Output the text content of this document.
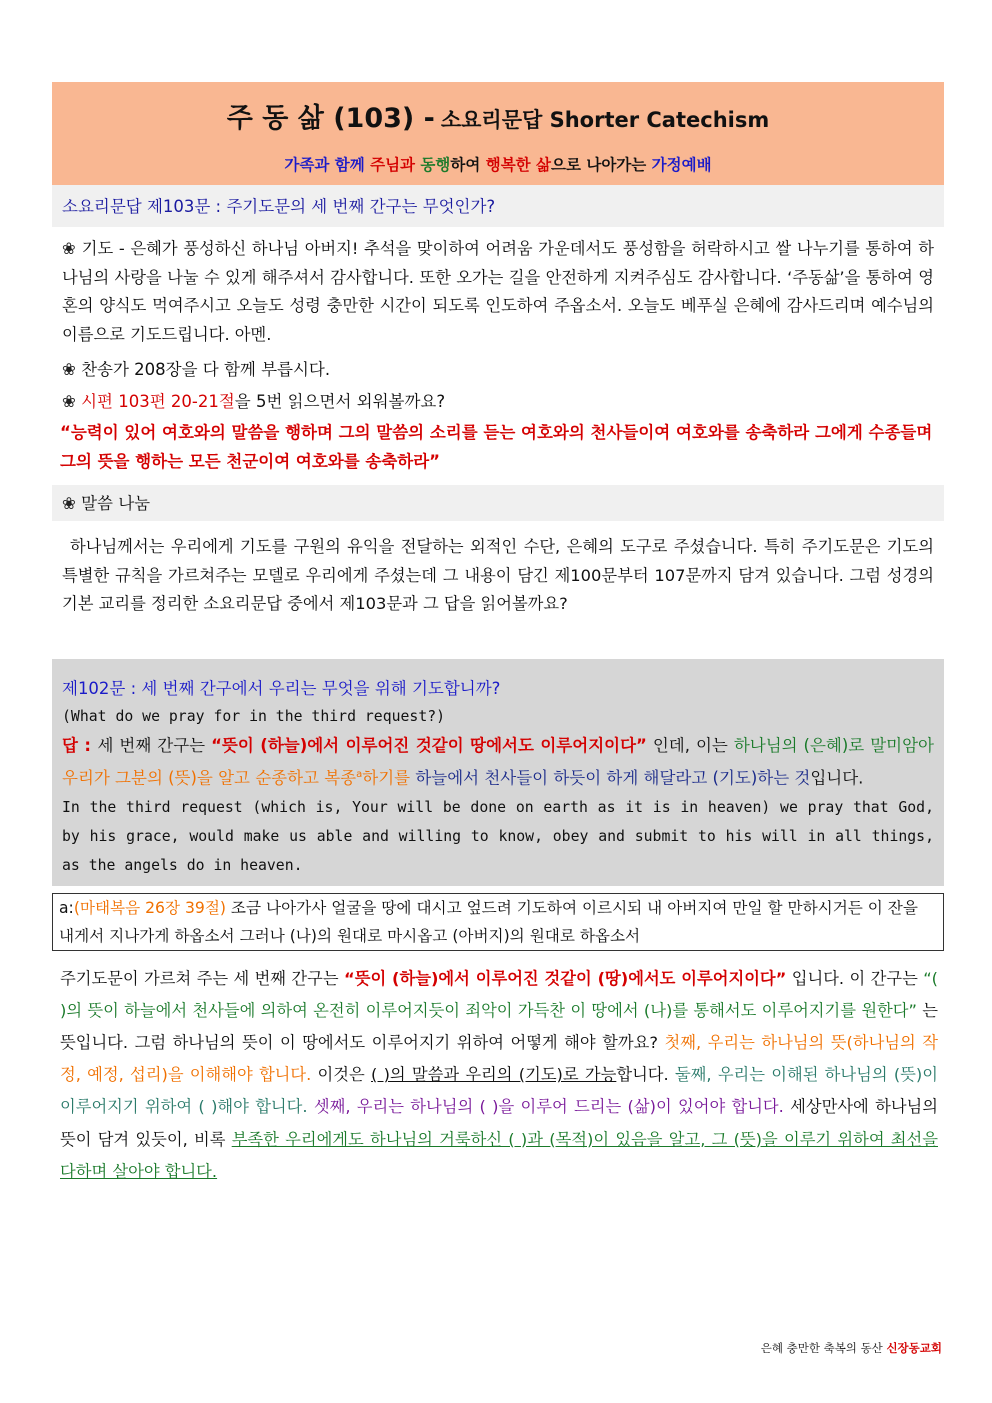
주 동 삶 (103) - 소요리문답 Shorter Catechism
가족과 함께 주님과 동행하여 행복한 삶으로 나아가는 가정예배
소요리문답 제103문 : 주기도문의 세 번째 간구는 무엇인가?
❀ 기도 - 은혜가 풍성하신 하나님 아버지! 추석을 맞이하여 어려움 가운데서도 풍성함을 허락하시고 쌀 나누기를 통하여 하나님의 사랑을 나눌 수 있게 해주셔서 감사합니다. 또한 오가는 길을 안전하게 지켜주심도 감사합니다. ‘주동삶’을 통하여 영혼의 양식도 먹여주시고 오늘도 성령 충만한 시간이 되도록 인도하여 주옵소서. 오늘도 베푸실 은혜에 감사드리며 예수님의 이름으로 기도드립니다. 아멘.
❀ 찬송가 208장을 다 함께 부릅시다.
❀ 시편 103편 20-21절을 5번 읽으면서 외워볼까요?
“능력이 있어 여호와의 말씀을 행하며 그의 말씀의 소리를 듣는 여호와의 천사들이여 여호와를 송축하라 그에게 수종들며 그의 뜻을 행하는 모든 천군이여 여호와를 송축하라”
❀ 말씀 나눔
하나님께서는 우리에게 기도를 구원의 유익을 전달하는 외적인 수단, 은혜의 도구로 주셨습니다. 특히 주기도문은 기도의 특별한 규칙을 가르쳐주는 모델로 우리에게 주셨는데 그 내용이 담긴 제100문부터 107문까지 담겨 있습니다. 그럼 성경의 기본 교리를 정리한 소요리문답 중에서 제103문과 그 답을 읽어볼까요?
제102문 : 세 번째 간구에서 우리는 무엇을 위해 기도합니까?
(What do we pray for in the third request?)
답 : 세 번째 간구는 “뜻이 (하늘)에서 이루어진 것같이 땅에서도 이루어지이다” 인데, 이는 하나님의 (은혜)로 말미암아 우리가 그분의 (뜻)을 알고 순종하고 복종$^a$하기를 하늘에서 천사들이 하듯이 하게 해달라고 (기도)하는 것입니다.
In the third request (which is, Your will be done on earth as it is in heaven) we pray that God, by his grace, would make us able and willing to know, obey and submit to his will in all things, as the angels do in heaven.
a:(마태복음 26장 39절) 조금 나아가사 얼굴을 땅에 대시고 엎드려 기도하여 이르시되 내 아버지여 만일 할 만하시거든 이 잔을 내게서 지나가게 하옵소서 그러나 (나)의 원대로 마시옵고 (아버지)의 원대로 하옵소서
주기도문이 가르쳐 주는 세 번째 간구는 “뜻이 (하늘)에서 이루어진 것같이 (땅)에서도 이루어지이다” 입니다. 이 간구는 “( )의 뜻이 하늘에서 천사들에 의하여 온전히 이루어지듯이 죄악이 가득찬 이 땅에서 (나)를 통해서도 이루어지기를 원한다” 는 뜻입니다. 그럼 하나님의 뜻이 이 땅에서도 이루어지기 위하여 어떻게 해야 할까요? 첫째, 우리는 하나님의 뜻(하나님의 작정, 예정, 섭리)을 이해해야 합니다. 이것은 ( )의 말씀과 우리의 (기도)로 가능합니다. 둘째, 우리는 이해된 하나님의 (뜻)이 이루어지기 위하여 ( )해야 합니다. 셋째, 우리는 하나님의 ( )을 이루어 드리는 (삶)이 있어야 합니다. 세상만사에 하나님의 뜻이 담겨 있듯이, 비록 부족한 우리에게도 하나님의 거룩하신 ( )과 (목적)이 있음을 알고, 그 (뜻)을 이루기 위하여 최선을 다하며 살아야 합니다.
은혜 충만한 축복의 동산 신장동교회
